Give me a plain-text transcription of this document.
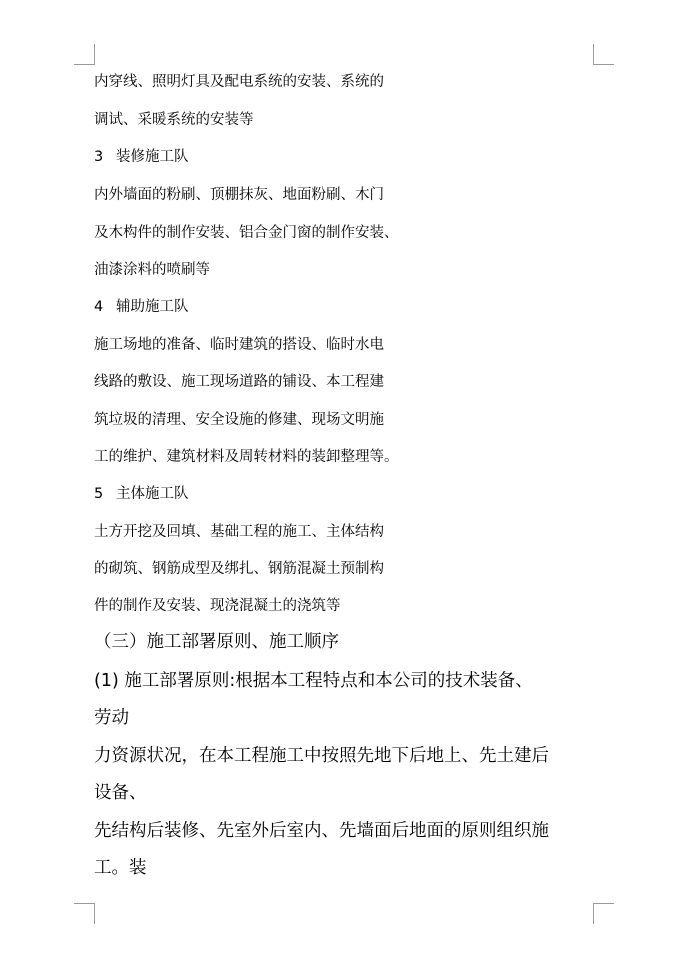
内穿线、照明灯具及配电系统的安装、系统的
调试、采暖系统的安装等
3 装修施工队
内外墙面的粉刷、顶棚抹灰、地面粉刷、木门
及木构件的制作安装、铝合金门窗的制作安装、
油漆涂料的喷刷等
4 辅助施工队
施工场地的准备、临时建筑的搭设、临时水电
线路的敷设、施工现场道路的铺设、本工程建
筑垃圾的清理、安全设施的修建、现场文明施
工的维护、建筑材料及周转材料的装卸整理等。
5 主体施工队
土方开挖及回填、基础工程的施工、主体结构
的砌筑、钢筋成型及绑扎、钢筋混凝土预制构
件的制作及安装、现浇混凝土的浇筑等
（三）施工部署原则、施工顺序
(1) 施工部署原则:根据本工程特点和本公司的技术装备、
劳动
力资源状况，在本工程施工中按照先地下后地上、先土建后
设备、
先结构后装修、先室外后室内、先墙面后地面的原则组织施
工。装
